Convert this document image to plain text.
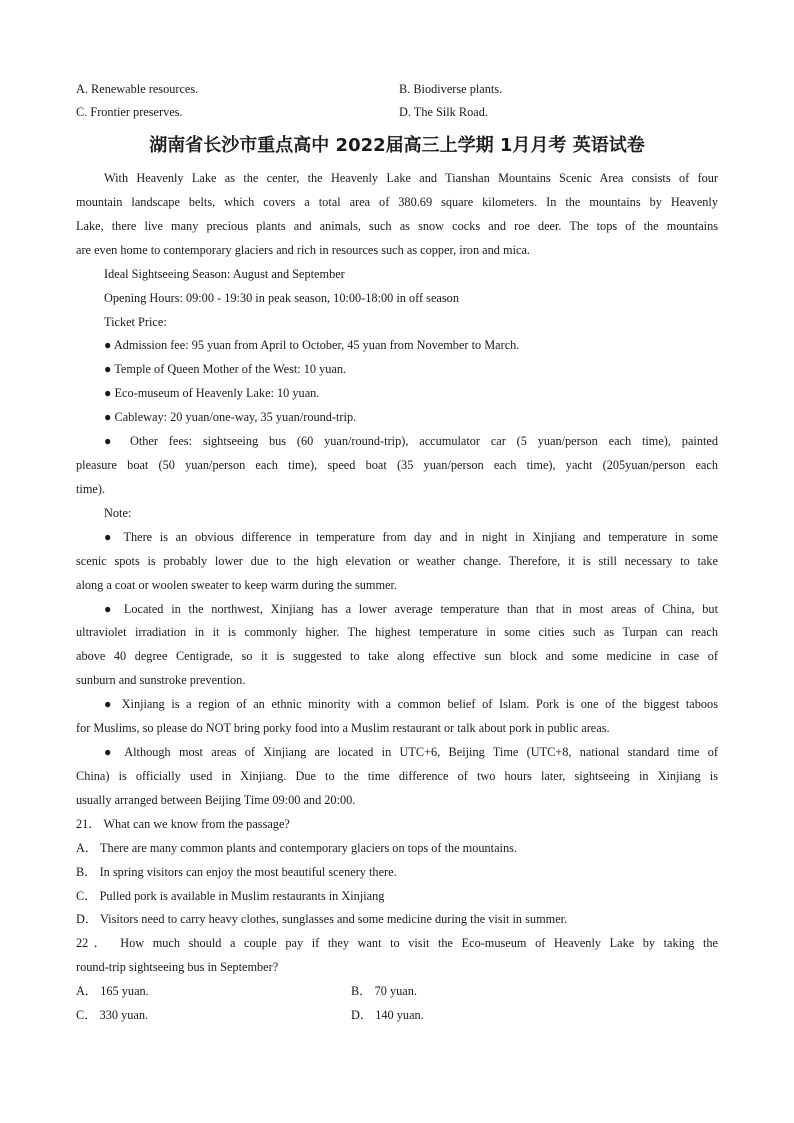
A. Renewable resources.	B. Biodiverse plants.
C. Frontier preserves.	D. The Silk Road.
湖南省长沙市重点高中 2022届高三上学期 1月月考 英语试卷
With Heavenly Lake as the center, the Heavenly Lake and Tianshan Mountains Scenic Area consists of four
mountain landscape belts, which covers a total area of 380.69 square kilometers. In the mountains by Heavenly
Lake, there live many precious plants and animals, such as snow cocks and roe deer. The tops of the mountains
are even home to contemporary glaciers and rich in resources such as copper, iron and mica.
Ideal Sightseeing Season: August and September
Opening Hours: 09:00 - 19:30 in peak season, 10:00-18:00 in off season
Ticket Price:
● Admission fee: 95 yuan from April to October, 45 yuan from November to March.
● Temple of Queen Mother of the West: 10 yuan.
● Eco-museum of Heavenly Lake: 10 yuan.
● Cableway: 20 yuan/one-way, 35 yuan/round-trip.
● Other fees: sightseeing bus (60 yuan/round-trip), accumulator car (5 yuan/person each time), painted
pleasure boat (50 yuan/person each time), speed boat (35 yuan/person each time), yacht (205yuan/person each
time).
Note:
● There is an obvious difference in temperature from day and in night in Xinjiang and temperature in some
scenic spots is probably lower due to the high elevation or weather change. Therefore, it is still necessary to take
along a coat or woolen sweater to keep warm during the summer.
● Located in the northwest, Xinjiang has a lower average temperature than that in most areas of China, but
ultraviolet irradiation in it is commonly higher. The highest temperature in some cities such as Turpan can reach
above 40 degree Centigrade, so it is suggested to take along effective sun block and some medicine in case of
sunburn and sunstroke prevention.
● Xinjiang is a region of an ethnic minority with a common belief of Islam. Pork is one of the biggest taboos
for Muslims, so please do NOT bring porky food into a Muslim restaurant or talk about pork in public areas.
● Although most areas of Xinjiang are located in UTC+6, Beijing Time (UTC+8, national standard time of
China) is officially used in Xinjiang. Due to the time difference of two hours later, sightseeing in Xinjiang is
usually arranged between Beijing Time 09:00 and 20:00.
21． What can we know from the passage?
A． There are many common plants and contemporary glaciers on tops of the mountains.
B． In spring visitors can enjoy the most beautiful scenery there.
C． Pulled pork is available in Muslim restaurants in Xinjiang
D． Visitors need to carry heavy clothes, sunglasses and some medicine during the visit in summer.
22． How much should a couple pay if they want to visit the Eco-museum of Heavenly Lake by taking the
round-trip sightseeing bus in September?
A． 165 yuan.	B． 70 yuan.
C． 330 yuan.	D． 140 yuan.
